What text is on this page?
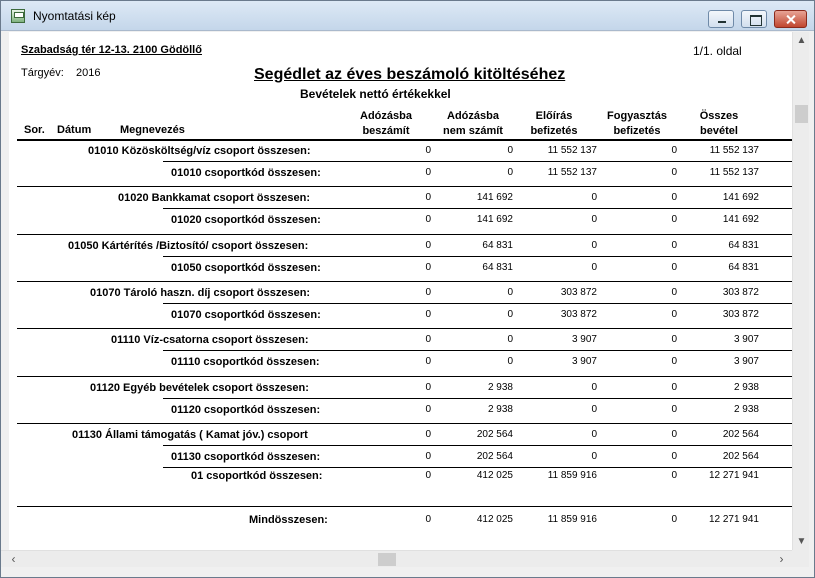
Nyomtatási kép
Szabadság tér 12-13. 2100 Gödöllő	1/1. oldal
Tárgyév: 2016	Segédlet az éves beszámoló kitöltéséhez
Bevételek nettó értékekkel
Sor. Dátum	Megnevezés
Adózásba
beszámít
Adózásba
nem számít
Előírás
befizetés
Fogyasztás
befizetés
Összes
bevétel
01010 Közösköltség/víz csoport összesen:	0	0	11 552 137	0	11 552 137
01010 csoportkód összesen:	0	0	11 552 137	0	11 552 137
01020 Bankkamat csoport összesen:	0	141 692	0	0	141 692
01020 csoportkód összesen:	0	141 692	0	0	141 692
01050 Kártérítés /Biztosító/ csoport összesen:	0	64 831	0	0	64 831
01050 csoportkód összesen:	0	64 831	0	0	64 831
01070 Tároló haszn. díj csoport összesen:	0	0	303 872	0	303 872
01070 csoportkód összesen:	0	0	303 872	0	303 872
01110 Víz-csatorna csoport összesen:	0	0	3 907	0	3 907
01110 csoportkód összesen:	0	0	3 907	0	3 907
01120 Egyéb bevételek csoport összesen:	0	2 938	0	0	2 938
01120 csoportkód összesen:	0	2 938	0	0	2 938
01130 Állami támogatás ( Kamat jóv.) csoport	0	202 564	0	0	202 564
01130 csoportkód összesen:	0	202 564	0	0	202 564
01 csoportkód összesen:	0	412 025	11 859 916	0	12 271 941
Mindösszesen:	0	412 025	11 859 916	0	12 271 941
▲
▼
‹	›
